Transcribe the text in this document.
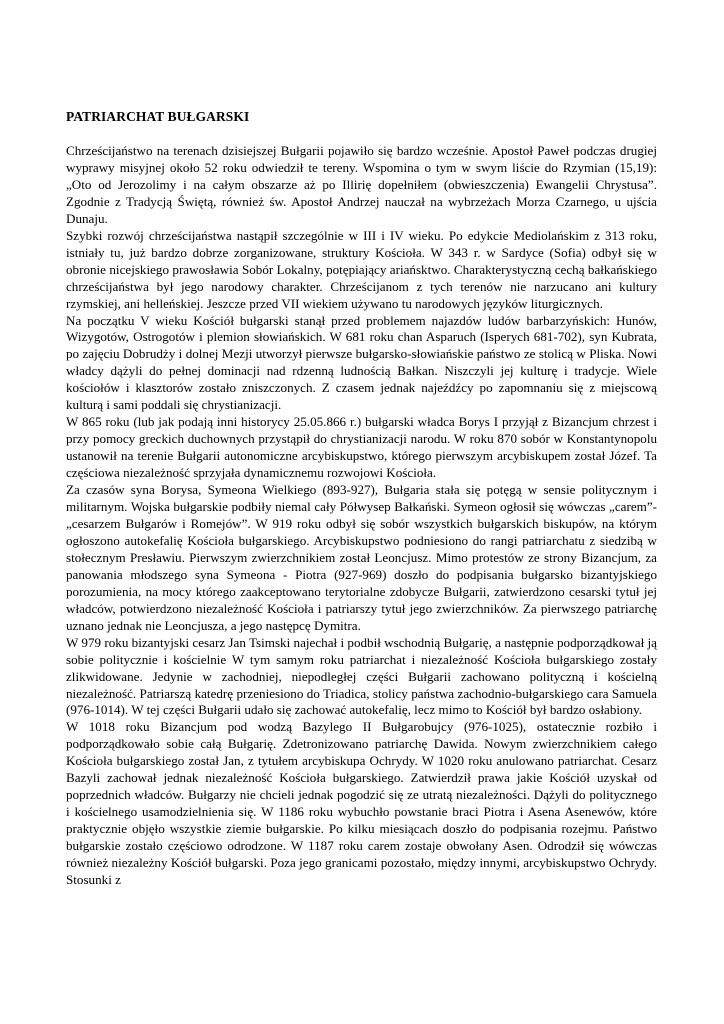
PATRIARCHAT BUŁGARSKI

Chrześcijaństwo na terenach dzisiejszej Bułgarii pojawiło się bardzo wcześnie. Apostoł Paweł podczas drugiej wyprawy misyjnej około 52 roku odwiedził te tereny. Wspomina o tym w swym liście do Rzymian (15,19): „Oto od Jerozolimy i na całym obszarze aż po Illirię dopełniłem (obwieszczenia) Ewangelii Chrystusa”. Zgodnie z Tradycją Świętą, również św. Apostoł Andrzej nauczał na wybrzeżach Morza Czarnego, u ujścia Dunaju.

Szybki rozwój chrześcijaństwa nastąpił szczególnie w III i IV wieku. Po edykcie Mediolańskim z 313 roku, istniały tu, już bardzo dobrze zorganizowane, struktury Kościoła. W 343 r. w Sardyce (Sofia) odbył się w obronie nicejskiego prawosławia Sobór Lokalny, potępiający ariańsktwo. Charakterystyczną cechą bałkańskiego chrześcijaństwa był jego narodowy charakter. Chrześcijanom z tych terenów nie narzucano ani kultury rzymskiej, ani helleńskiej. Jeszcze przed VII wiekiem używano tu narodowych języków liturgicznych.

Na początku V wieku Kościół bułgarski stanął przed problemem najazdów ludów barbarzyńskich: Hunów, Wizygotów, Ostrogotów i plemion słowiańskich. W 681 roku chan Asparuch (Isperych 681-702), syn Kubrata, po zajęciu Dobrudży i dolnej Mezji utworzył pierwsze bułgarsko-słowiańskie państwo ze stolicą w Pliska. Nowi władcy dążyli do pełnej dominacji nad rdzenną ludnością Bałkan. Niszczyli jej kulturę i tradycje. Wiele kościołów i klasztorów zostało zniszczonych. Z czasem jednak najeźdźcy po zapomnaniu się z miejscową kulturą i sami poddali się chrystianizacji.

W 865 roku (lub jak podają inni historycy 25.05.866 r.) bułgarski władca Borys I przyjął z Bizancjum chrzest i przy pomocy greckich duchownych przystąpił do chrystianizacji narodu. W roku 870 sobór w Konstantynopolu ustanowił na terenie Bułgarii autonomiczne arcybiskupstwo, którego pierwszym arcybiskupem został Józef. Ta częściowa niezależność sprzyjała dynamicznemu rozwojowi Kościoła.

Za czasów syna Borysa, Symeona Wielkiego (893-927), Bułgaria stała się potęgą w sensie politycznym i militarnym. Wojska bułgarskie podbiły niemal cały Półwysep Bałkański. Symeon ogłosił się wówczas „carem”-„cesarzem Bułgarów i Romejów”. W 919 roku odbył się sobór wszystkich bułgarskich biskupów, na którym ogłoszono autokefalię Kościoła bułgarskiego. Arcybiskupstwo podniesiono do rangi patriarchatu z siedzibą w stołecznym Presławiu. Pierwszym zwierzchnikiem został Leoncjusz. Mimo protestów ze strony Bizancjum, za panowania młodszego syna Symeona - Piotra (927-969) doszło do podpisania bułgarsko bizantyjskiego porozumienia, na mocy którego zaakceptowano terytorialne zdobycze Bułgarii, zatwierdzono cesarski tytuł jej władców, potwierdzono niezależność Kościoła i patriarszy tytuł jego zwierzchników. Za pierwszego patriarchę uznano jednak nie Leoncjusza, a jego następcę Dymitra.

W 979 roku bizantyjski cesarz Jan Tsimski najechał i podbił wschodnią Bułgarię, a następnie podporządkował ją sobie politycznie i kościelnie W tym samym roku patriarchat i niezależność Kościoła bułgarskiego zostały zlikwidowane. Jedynie w zachodniej, niepodległej części Bułgarii zachowano polityczną i kościelną niezależność. Patriarszą katedrę przeniesiono do Triadica, stolicy państwa zachodnio-bułgarskiego cara Samuela (976-1014). W tej części Bułgarii udało się zachować autokefalię, lecz mimo to Kościół był bardzo osłabiony.

W 1018 roku Bizancjum pod wodzą Bazylego II Bułgarobujcy (976-1025), ostatecznie rozbiło i podporządkowało sobie całą Bułgarię. Zdetronizowano patriarchę Dawida. Nowym zwierzchnikiem całego Kościoła bułgarskiego został Jan, z tytułem arcybiskupa Ochrydy. W 1020 roku anulowano patriarchat. Cesarz Bazyli zachował jednak niezależność Kościoła bułgarskiego. Zatwierdził prawa jakie Kościół uzyskał od poprzednich władców. Bułgarzy nie chcieli jednak pogodzić się ze utratą niezależności. Dążyli do politycznego i kościelnego usamodzielnienia się. W 1186 roku wybuchło powstanie braci Piotra i Asena Asenewów, które praktycznie objęło wszystkie ziemie bułgarskie. Po kilku miesiącach doszło do podpisania rozejmu. Państwo bułgarskie zostało częściowo odrodzone. W 1187 roku carem zostaje obwołany Asen. Odrodził się wówczas również niezależny Kościół bułgarski. Poza jego granicami pozostało, między innymi, arcybiskupstwo Ochrydy. Stosunki z
